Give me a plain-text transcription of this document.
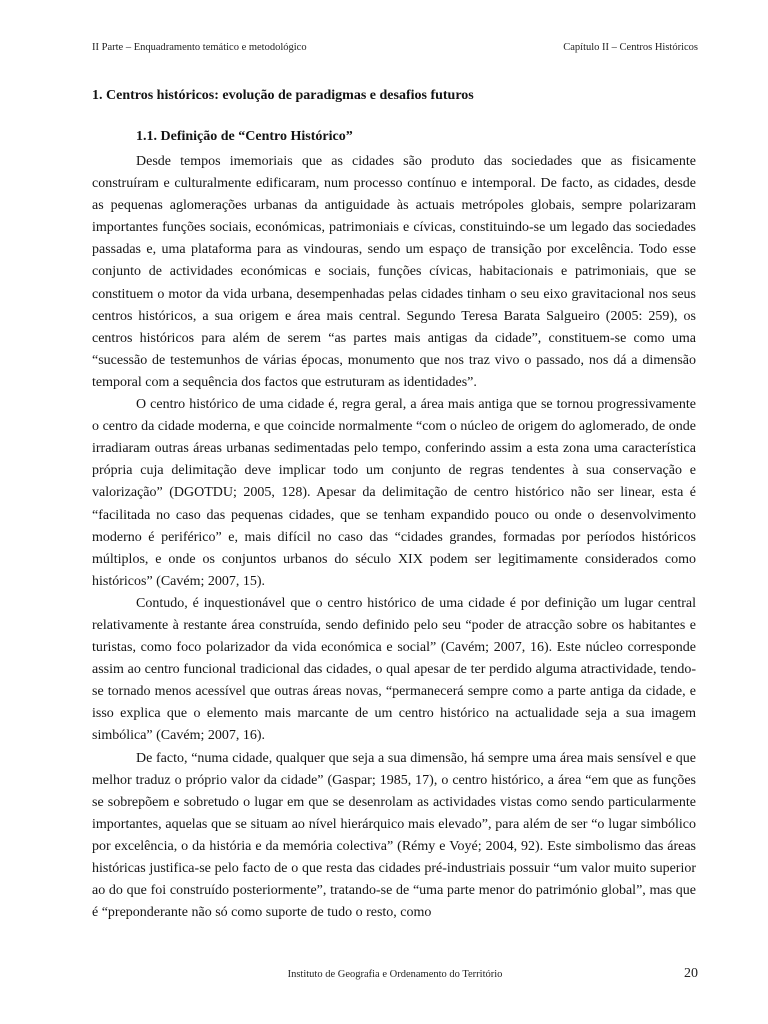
II Parte – Enquadramento temático e metodológico	Capítulo II – Centros Históricos
1. Centros históricos: evolução de paradigmas e desafios futuros
1.1. Definição de “Centro Histórico”

Desde tempos imemoriais que as cidades são produto das sociedades que as fisicamente construíram e culturalmente edificaram, num processo contínuo e intemporal. De facto, as cidades, desde as pequenas aglomerações urbanas da antiguidade às actuais metrópoles globais, sempre polarizaram importantes funções sociais, económicas, patrimoniais e cívicas, constituindo-se um legado das sociedades passadas e, uma plataforma para as vindouras, sendo um espaço de transição por excelência. Todo esse conjunto de actividades económicas e sociais, funções cívicas, habitacionais e patrimoniais, que se constituem o motor da vida urbana, desempenhadas pelas cidades tinham o seu eixo gravitacional nos seus centros históricos, a sua origem e área mais central. Segundo Teresa Barata Salgueiro (2005: 259), os centros históricos para além de serem “as partes mais antigas da cidade”, constituem-se como uma “sucessão de testemunhos de várias épocas, monumento que nos traz vivo o passado, nos dá a dimensão temporal com a sequência dos factos que estruturam as identidades”.

O centro histórico de uma cidade é, regra geral, a área mais antiga que se tornou progressivamente o centro da cidade moderna, e que coincide normalmente “com o núcleo de origem do aglomerado, de onde irradiaram outras áreas urbanas sedimentadas pelo tempo, conferindo assim a esta zona uma característica própria cuja delimitação deve implicar todo um conjunto de regras tendentes à sua conservação e valorização” (DGOTDU; 2005, 128). Apesar da delimitação de centro histórico não ser linear, esta é “facilitada no caso das pequenas cidades, que se tenham expandido pouco ou onde o desenvolvimento moderno é periférico” e, mais difícil no caso das “cidades grandes, formadas por períodos históricos múltiplos, e onde os conjuntos urbanos do século XIX podem ser legitimamente considerados como históricos” (Cavém; 2007, 15).

Contudo, é inquestionável que o centro histórico de uma cidade é por definição um lugar central relativamente à restante área construída, sendo definido pelo seu “poder de atracção sobre os habitantes e turistas, como foco polarizador da vida económica e social” (Cavém; 2007, 16). Este núcleo corresponde assim ao centro funcional tradicional das cidades, o qual apesar de ter perdido alguma atractividade, tendo-se tornado menos acessível que outras áreas novas, “permanecerá sempre como a parte antiga da cidade, e isso explica que o elemento mais marcante de um centro histórico na actualidade seja a sua imagem simbólica” (Cavém; 2007, 16).

De facto, “numa cidade, qualquer que seja a sua dimensão, há sempre uma área mais sensível e que melhor traduz o próprio valor da cidade” (Gaspar; 1985, 17), o centro histórico, a área “em que as funções se sobrepõem e sobretudo o lugar em que se desenrolam as actividades vistas como sendo particularmente importantes, aquelas que se situam ao nível hierárquico mais elevado”, para além de ser “o lugar simbólico por excelência, o da história e da memória colectiva” (Rémy e Voyé; 2004, 92). Este simbolismo das áreas históricas justifica-se pelo facto de o que resta das cidades pré-industriais possuir “um valor muito superior ao do que foi construído posteriormente”, tratando-se de “uma parte menor do património global”, mas que é “preponderante não só como suporte de tudo o resto, como

Instituto de Geografia e Ordenamento do Território	20
